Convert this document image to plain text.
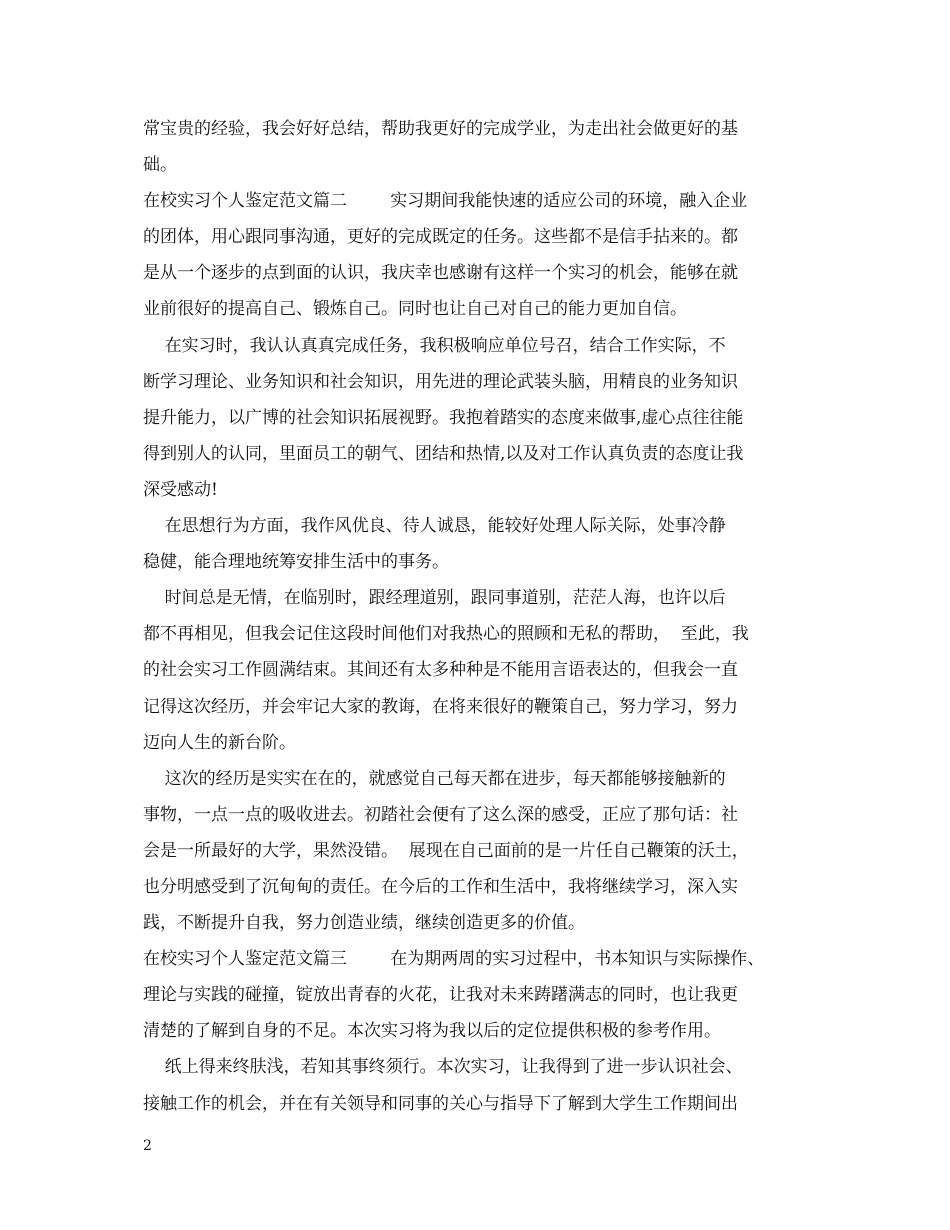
常宝贵的经验，我会好好总结，帮助我更好的完成学业，为走出社会做更好的基
础。
在校实习个人鉴定范文篇二        实习期间我能快速的适应公司的环境，融入企业
的团体，用心跟同事沟通，更好的完成既定的任务。这些都不是信手拈来的。都
是从一个逐步的点到面的认识，我庆幸也感谢有这样一个实习的机会，能够在就
业前很好的提高自己、锻炼自己。同时也让自己对自己的能力更加自信。
在实习时，我认认真真完成任务，我积极响应单位号召，结合工作实际，不
断学习理论、业务知识和社会知识，用先进的理论武装头脑，用精良的业务知识
提升能力，以广博的社会知识拓展视野。我抱着踏实的态度来做事,虚心点往往能
得到别人的认同，里面员工的朝气、团结和热情,以及对工作认真负责的态度让我
深受感动!
在思想行为方面，我作风优良、待人诚恳，能较好处理人际关际，处事冷静
稳健，能合理地统筹安排生活中的事务。
时间总是无情，在临别时，跟经理道别，跟同事道别，茫茫人海，也许以后
都不再相见，但我会记住这段时间他们对我热心的照顾和无私的帮助，  至此，我
的社会实习工作圆满结束。其间还有太多种种是不能用言语表达的，但我会一直
记得这次经历，并会牢记大家的教诲，在将来很好的鞭策自己，努力学习，努力
迈向人生的新台阶。
这次的经历是实实在在的，就感觉自己每天都在进步，每天都能够接触新的
事物，一点一点的吸收进去。初踏社会便有了这么深的感受，正应了那句话：社
会是一所最好的大学，果然没错。  展现在自己面前的是一片任自己鞭策的沃土，
也分明感受到了沉甸甸的责任。在今后的工作和生活中，我将继续学习，深入实
践，不断提升自我，努力创造业绩，继续创造更多的价值。
在校实习个人鉴定范文篇三        在为期两周的实习过程中，书本知识与实际操作、
理论与实践的碰撞，锭放出青春的火花，让我对未来踌躇满志的同时，也让我更
清楚的了解到自身的不足。本次实习将为我以后的定位提供积极的参考作用。
纸上得来终肤浅，若知其事终须行。本次实习，让我得到了进一步认识社会、
接触工作的机会，并在有关领导和同事的关心与指导下了解到大学生工作期间出
2
